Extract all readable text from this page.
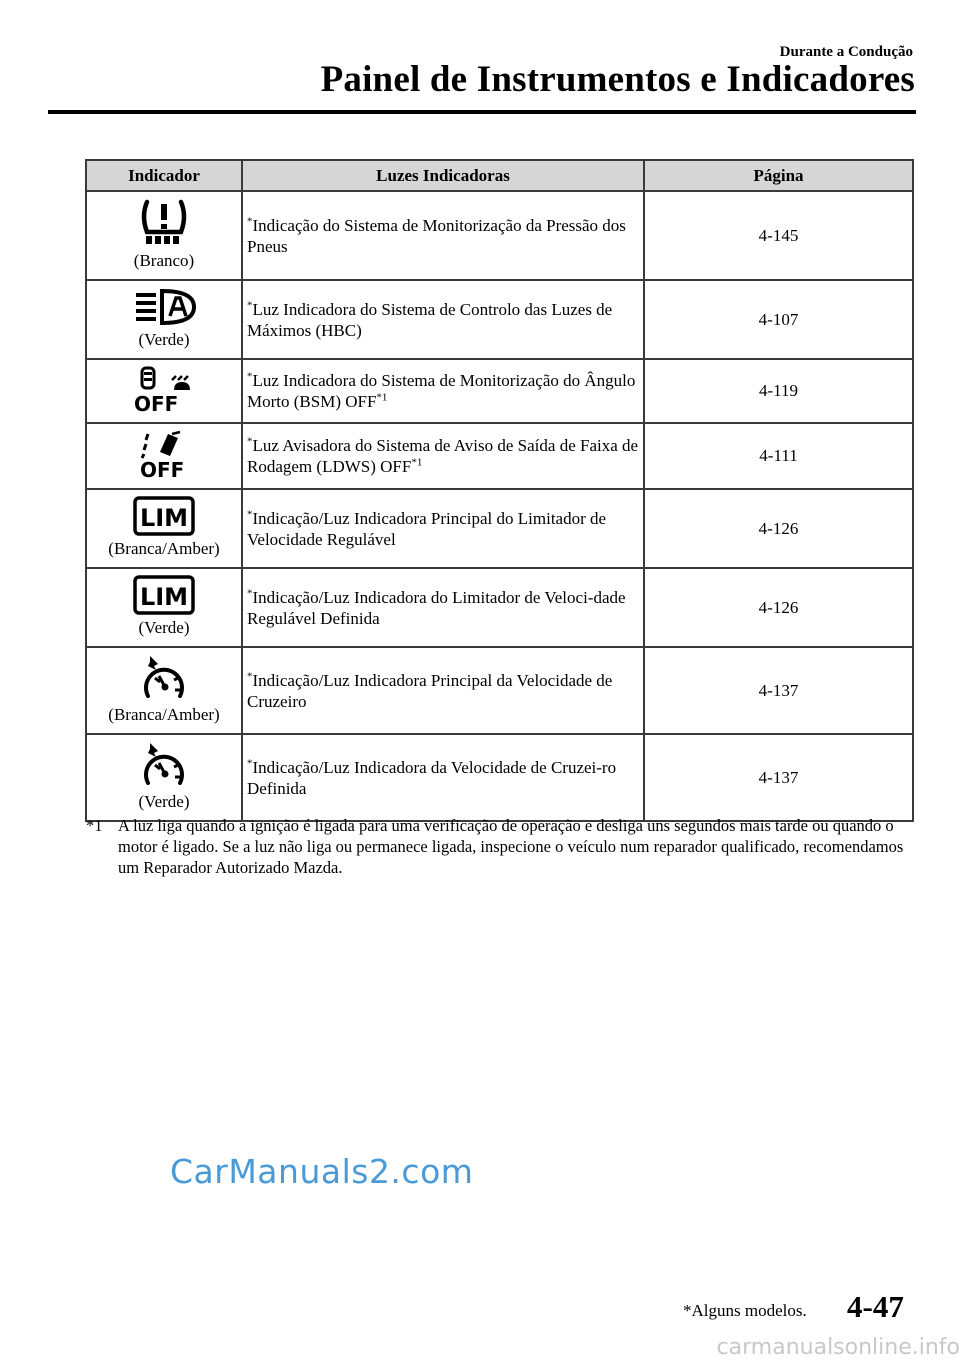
Durante a Condução
Painel de Instrumentos e Indicadores
Indicador	Luzes Indicadoras	Página

(Branco)	*Indicação do Sistema de Monitorização da Pressão dos Pneus	4-145

(Verde)	*Luz Indicadora do Sistema de Controlo das Luzes de Máximos (HBC)	4-107

OFF	*Luz Indicadora do Sistema de Monitorização do Ângulo Morto (BSM) OFF$^{*1}$	4-119

OFF	*Luz Avisadora do Sistema de Aviso de Saída de Faixa de Rodagem (LDWS) OFF$^{*1}$	4-111

LIM
(Branca/Amber)	*Indicação/Luz Indicadora Principal do Limitador de Velocidade Regulável	4-126

LIM
(Verde)	*Indicação/Luz Indicadora do Limitador de Veloci-dade Regulável Definida	4-126

(Branca/Amber)	*Indicação/Luz Indicadora Principal da Velocidade de Cruzeiro	4-137

(Verde)	*Indicação/Luz Indicadora da Velocidade de Cruzei-ro Definida	4-137
*1 A luz liga quando a ignição é ligada para uma verificação de operação e desliga uns segundos mais tarde ou quando o motor é ligado. Se a luz não liga ou permanece ligada, inspecione o veículo num reparador qualificado, recomendamos um Reparador Autorizado Mazda.
CarManuals2.com
*Alguns modelos. 4-47
carmanualsonline.info
